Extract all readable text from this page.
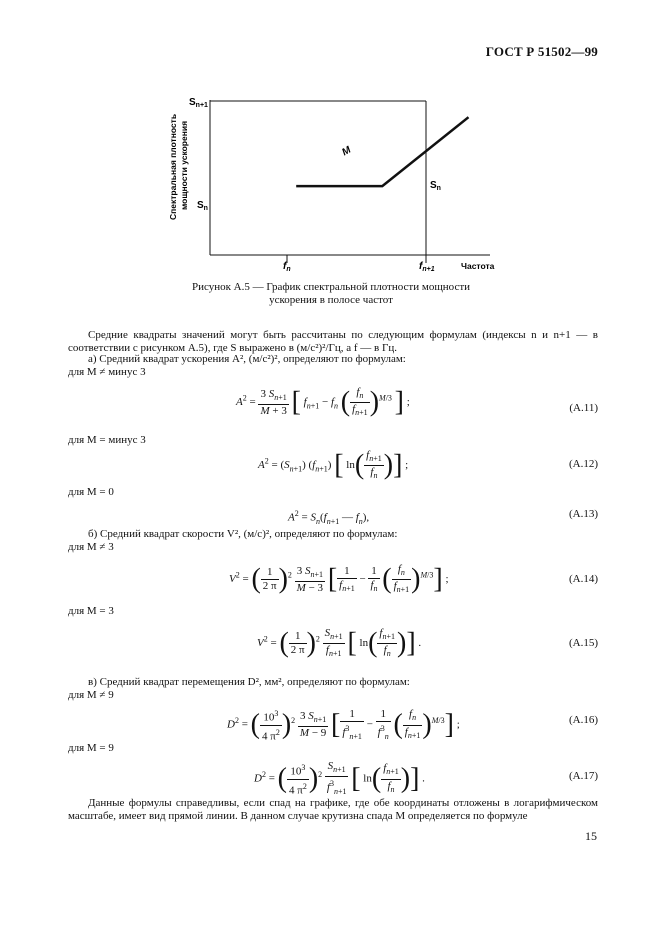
ГОСТ Р 51502—99
Спектральная плотность мощности ускорения
$S_{n+1}$
$S_n$
$f_n$	$f_{n+1}$	Частота
M
$S_n$
Рисунок А.5 — График спектральной плотности мощности
ускорения в полосе частот
Средние квадраты значений могут быть рассчитаны по следующим формулам (индексы n и n+1 — в соответствии с рисунком А.5), где S выражено в (м/с²)²/Гц, а f — в Гц.
а) Средний квадрат ускорения A², (м/с²)², определяют по формулам:
для M ≠ минус 3
$A^2 = \frac{3 S_{n+1}}{M + 3}$ [ $f_{n+1} - f_n$ ( $\frac{f_n}{f_{n+1}} )^{M/3}$ ] ;	(А.11)
для M = минус 3
$A^2 = (S_{n+1})$ $(f_{n+1})$ [ $\ln( \frac{f_{n+1}}{f_n}$ )] ;	(А.12)
для M = 0
$A^2 = S_n(f_{n+1}$ — $f_n$),	(А.13)
б) Средний квадрат скорости V², (м/с)², определяют по формулам:
для M ≠ 3
$V^2$ = ( $\frac{1}{2 \pi} )^2 \frac{3 S_{n+1}}{M - 3}$ [ $\frac{1}{f_{n+1}} - \frac{1}{f_n}$ ( $\frac{f_n}{f_{n+1}} )^{M/3}$] ;	(А.14)
для M = 3
$V^2$ = ( $\frac{1}{2 \pi} )^2 \frac{S_{n+1}}{f_{n+1}}$ [ $\ln( \frac{f_{n+1}}{f_n}$ )] .	(А.15)
в) Средний квадрат перемещения D², мм², определяют по формулам:
для M ≠ 9
$D^2$ = ( $\frac{10^3}{4 \pi^2} )^2 \frac{3 S_{n+1}}{M - 9}$ [ $\frac{1}{f^3_{n+1}} - \frac{1}{f^3_n}$ ( $\frac{f_n}{f_{n+1}} )^{M/3}$] ;	(А.16)
для M = 9
$D^2$ = ( $\frac{10^3}{4 \pi^2} )^2 \frac{S_{n+1}}{f^3_{n+1}}$ [ $\ln( \frac{f_{n+1}}{f_n}$ )] .	(А.17)
Данные формулы справедливы, если спад на графике, где обе координаты отложены в логарифмическом масштабе, имеет вид прямой линии. В данном случае крутизна спада M определяется по формуле
15
